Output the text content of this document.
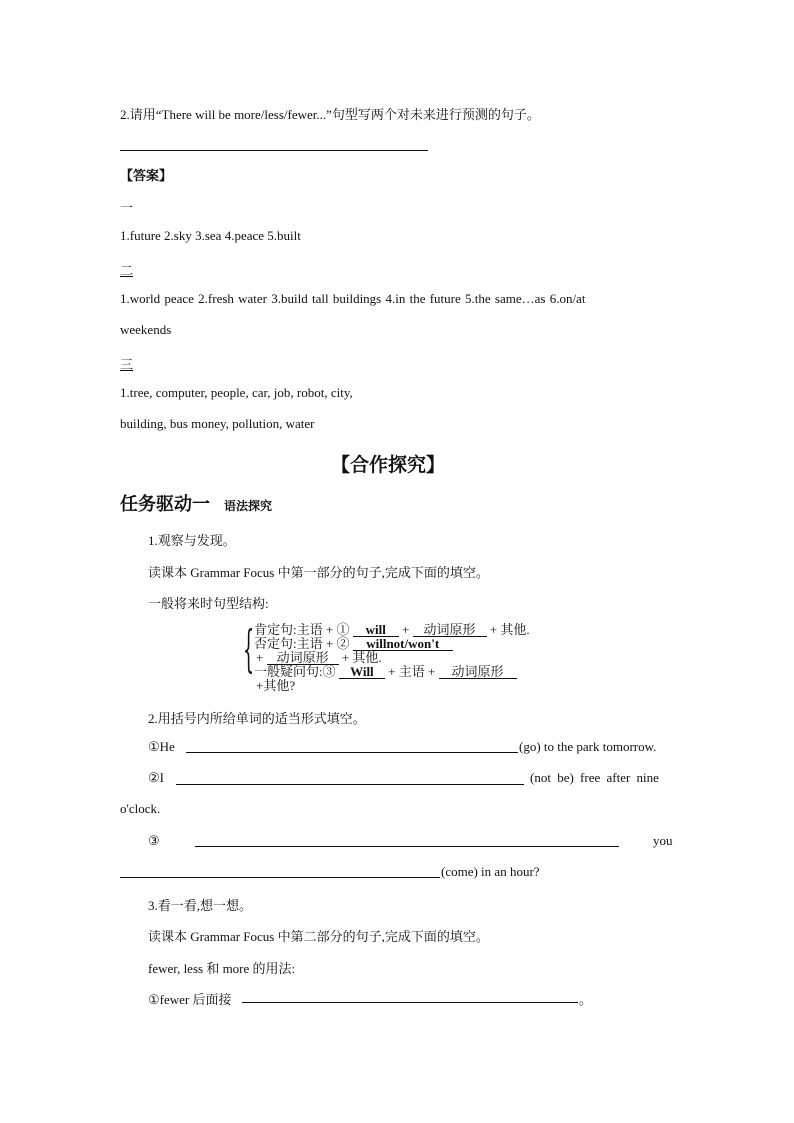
2.请用“There will be more/less/fewer...”句型写两个对未来进行预测的句子。
【答案】
一
1.future 2.sky 3.sea 4.peace 5.built
二
1.world peace 2.fresh water 3.build tall buildings 4.in the future 5.the same…as 6.on/at
weekends
三
1.tree, computer, people, car, job, robot, city,
building, bus money, pollution, water
【合作探究】
任务驱动一 语法探究
1.观察与发现。
读课本 Grammar Focus 中第一部分的句子,完成下面的填空。
一般将来时句型结构:
{ 肯定句:主语 + ① will + 动词原形 + 其他.
否定句:主语 + ② willnot/won't
+ 动词原形 + 其他.
一般疑问句:③ Will + 主语 + 动词原形
+其他?
2.用括号内所给单词的适当形式填空。
①He	(go) to the park tomorrow.
②I	(not be) free after nine
o'clock.
③	you
(come) in an hour?
3.看一看,想一想。
读课本 Grammar Focus 中第二部分的句子,完成下面的填空。
fewer, less 和 more 的用法:
①fewer 后面接	。
